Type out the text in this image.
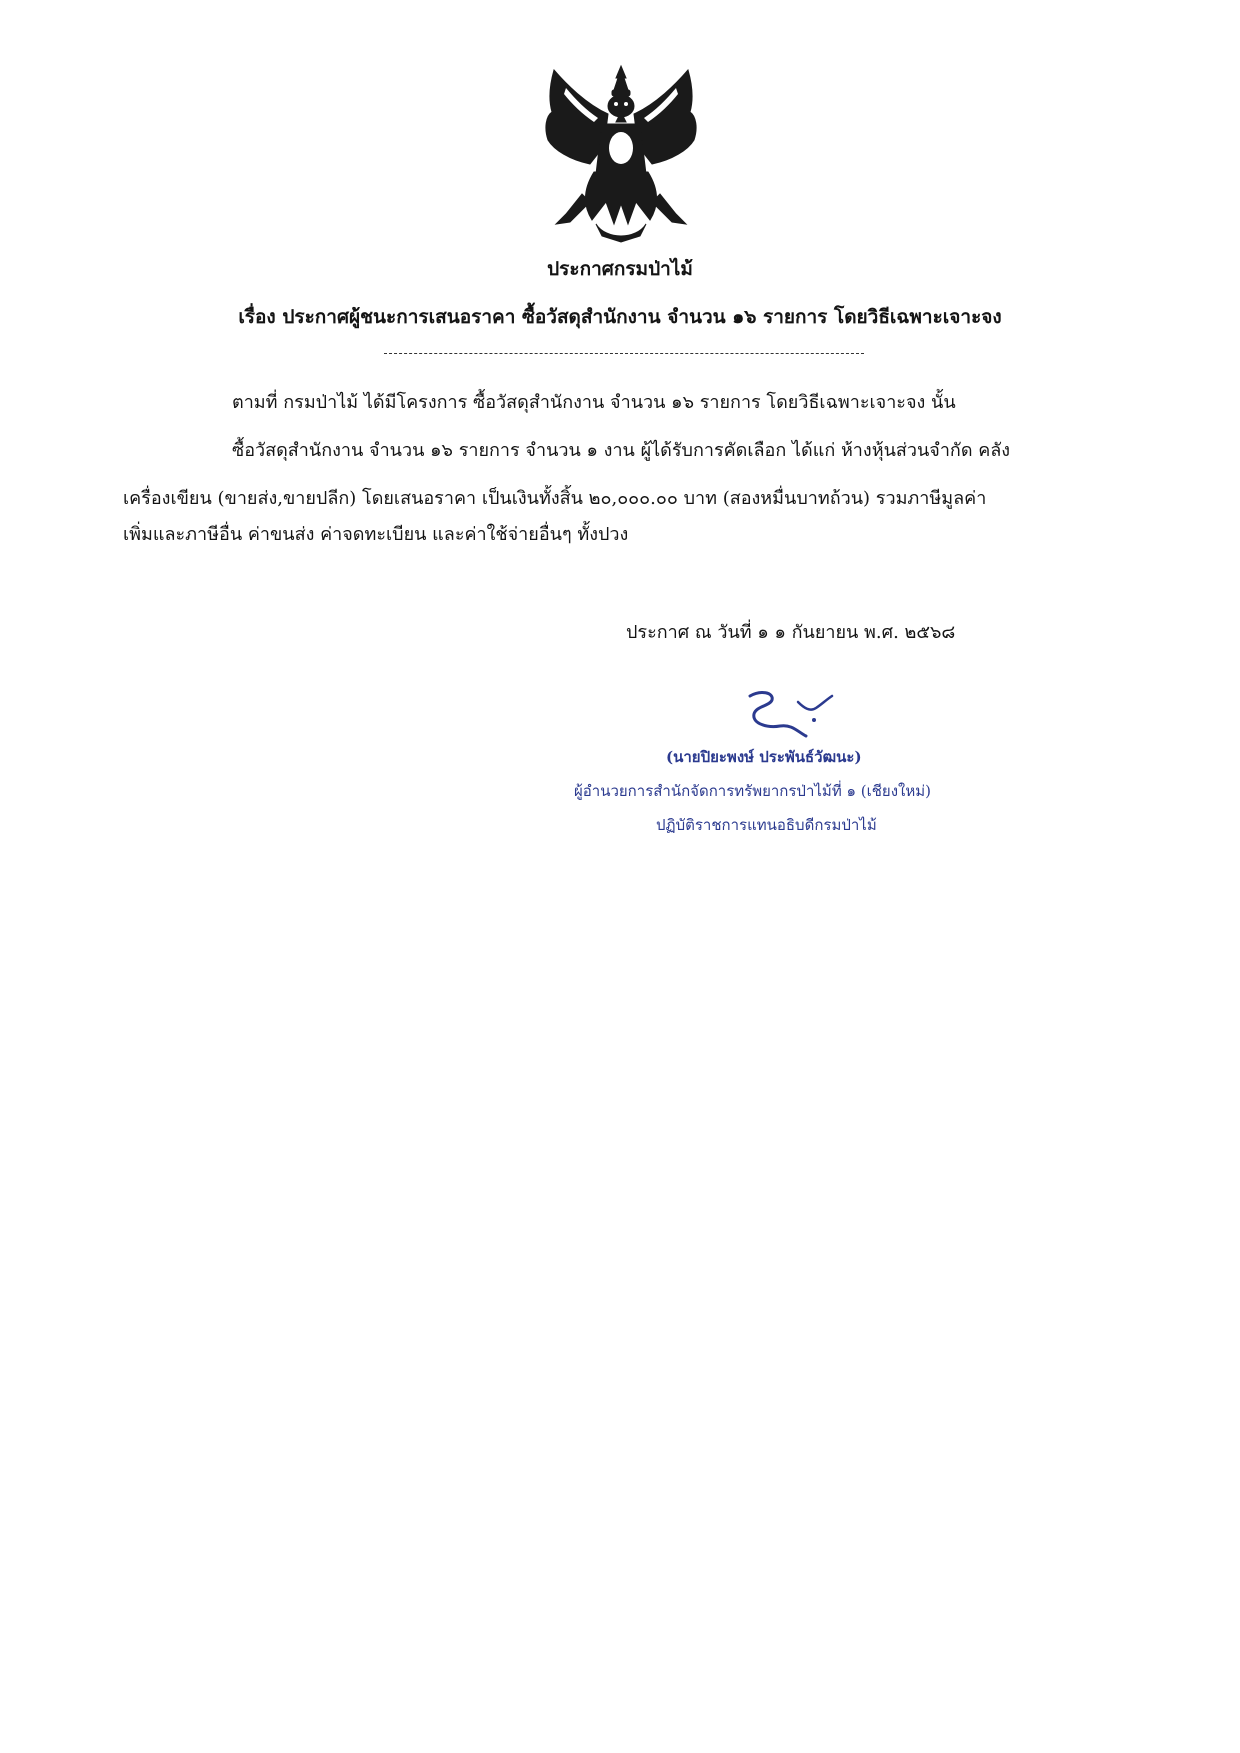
ประกาศกรมป่าไม้
เรื่อง ประกาศผู้ชนะการเสนอราคา ซื้อวัสดุสำนักงาน จำนวน ๑๖ รายการ โดยวิธีเฉพาะเจาะจง
ตามที่ กรมป่าไม้ ได้มีโครงการ ซื้อวัสดุสำนักงาน จำนวน ๑๖ รายการ โดยวิธีเฉพาะเจาะจง นั้น
ซื้อวัสดุสำนักงาน จำนวน ๑๖ รายการ จำนวน ๑ งาน ผู้ได้รับการคัดเลือก ได้แก่ ห้างหุ้นส่วนจำกัด คลัง
เครื่องเขียน (ขายส่ง,ขายปลีก) โดยเสนอราคา เป็นเงินทั้งสิ้น ๒๐,๐๐๐.๐๐ บาท (สองหมื่นบาทถ้วน) รวมภาษีมูลค่า
เพิ่มและภาษีอื่น ค่าขนส่ง ค่าจดทะเบียน และค่าใช้จ่ายอื่นๆ ทั้งปวง
ประกาศ ณ วันที่ ๑ ๑ กันยายน พ.ศ. ๒๕๖๘
(นายปิยะพงษ์ ประพันธ์วัฒนะ)
ผู้อำนวยการสำนักจัดการทรัพยากรป่าไม้ที่ ๑ (เชียงใหม่)
ปฏิบัติราชการแทนอธิบดีกรมป่าไม้
